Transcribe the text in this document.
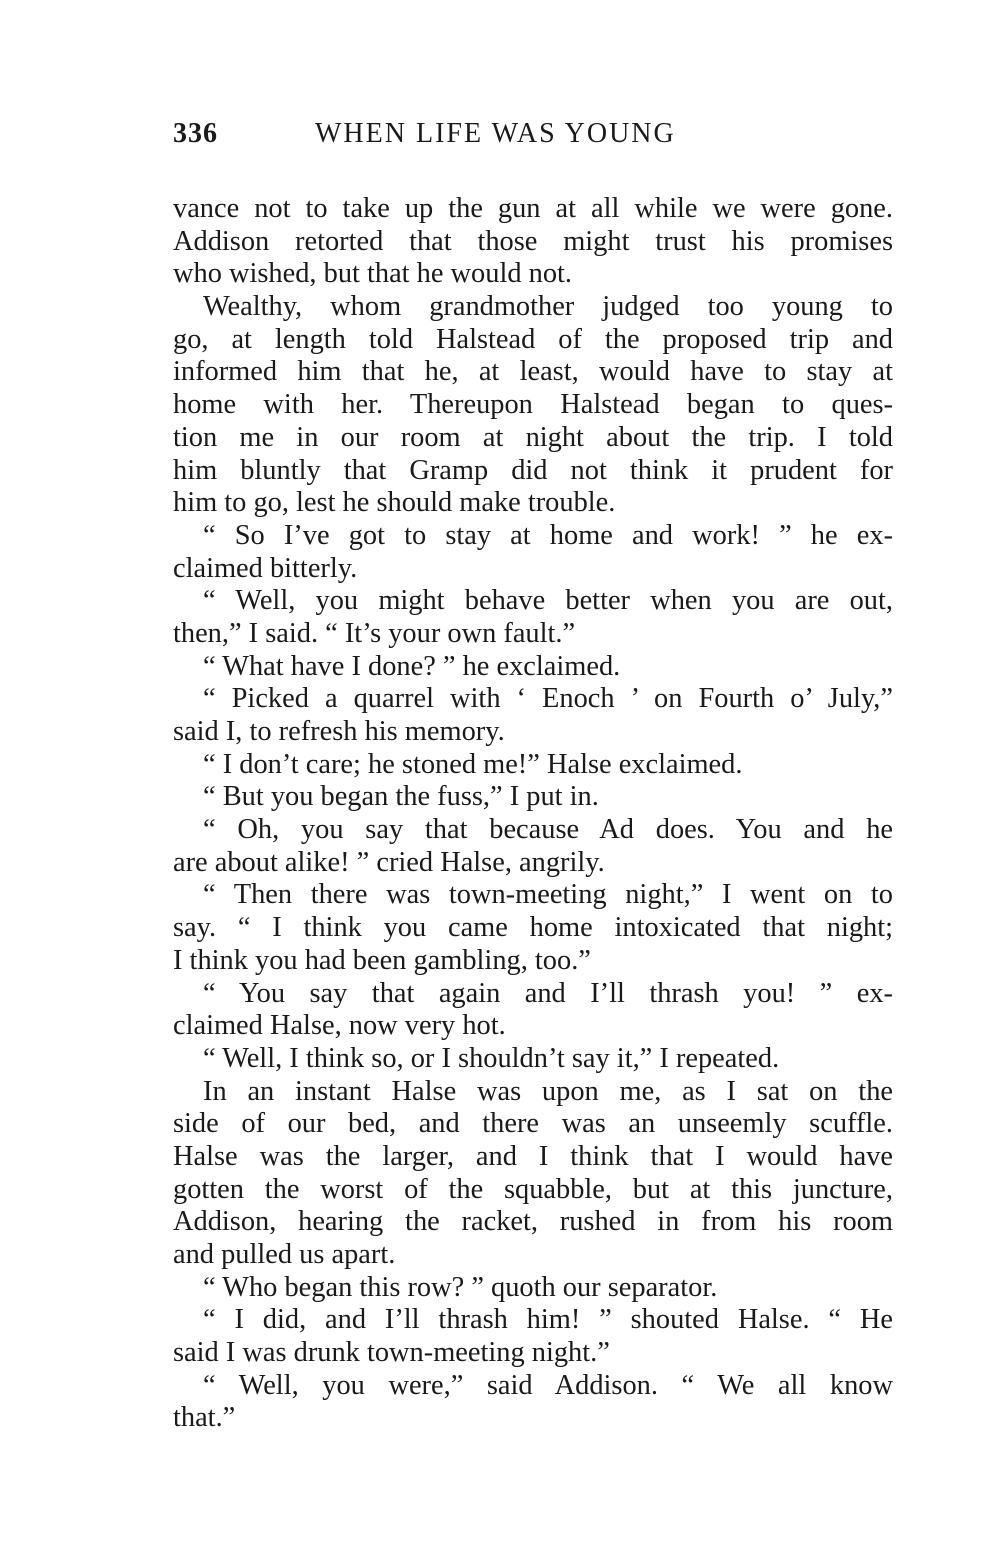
336	WHEN LIFE WAS YOUNG
vance not to take up the gun at all while we were gone.
Addison retorted that those might trust his promises
who wished, but that he would not.
Wealthy, whom grandmother judged too young to
go, at length told Halstead of the proposed trip and
informed him that he, at least, would have to stay at
home with her. Thereupon Halstead began to ques-
tion me in our room at night about the trip. I told
him bluntly that Gramp did not think it prudent for
him to go, lest he should make trouble.
“ So I’ve got to stay at home and work! ” he ex-
claimed bitterly.
“ Well, you might behave better when you are out,
then,” I said. “ It’s your own fault.”
“ What have I done? ” he exclaimed.
“ Picked a quarrel with ‘ Enoch ’ on Fourth o’ July,”
said I, to refresh his memory.
“ I don’t care; he stoned me!” Halse exclaimed.
“ But you began the fuss,” I put in.
“ Oh, you say that because Ad does. You and he
are about alike! ” cried Halse, angrily.
“ Then there was town-meeting night,” I went on to
say. “ I think you came home intoxicated that night;
I think you had been gambling, too.”
“ You say that again and I’ll thrash you! ” ex-
claimed Halse, now very hot.
“ Well, I think so, or I shouldn’t say it,” I repeated.
In an instant Halse was upon me, as I sat on the
side of our bed, and there was an unseemly scuffle.
Halse was the larger, and I think that I would have
gotten the worst of the squabble, but at this juncture,
Addison, hearing the racket, rushed in from his room
and pulled us apart.
“ Who began this row? ” quoth our separator.
“ I did, and I’ll thrash him! ” shouted Halse. “ He
said I was drunk town-meeting night.”
“ Well, you were,” said Addison. “ We all know
that.”
